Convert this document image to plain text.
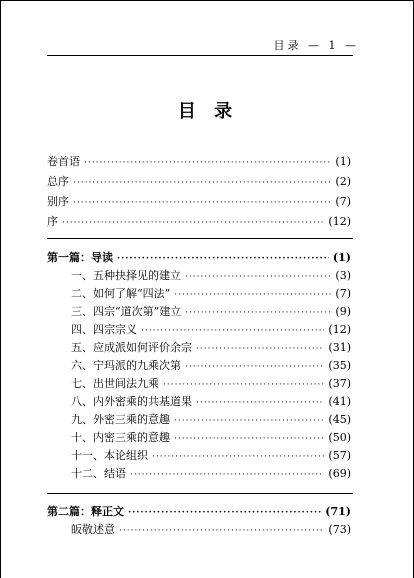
目录 — 1 —
目 录
卷首语 ·····	(1)
总序 ·····	(2)
别序 ·····	(7)
序 ·····	(12)
第一篇：导读 ·····	(1)
一、五种抉择见的建立 ·····	(3)
二、如何了解“四法” ·····	(7)
三、四宗“道次第”建立 ·····	(9)
四、四宗宗义 ·····	(12)
五、应成派如何评价余宗 ·····	(31)
六、宁玛派的九乘次第 ·····	(35)
七、出世间法九乘 ·····	(37)
八、内外密乘的共基道果 ·····	(41)
九、外密三乘的意趣 ·····	(45)
十、内密三乘的意趣 ·····	(50)
十一、本论组织 ·····	(57)
十二、结语 ·····	(69)
第二篇：释正文 ·····	(71)
皈敬述意 ·····	(73)
